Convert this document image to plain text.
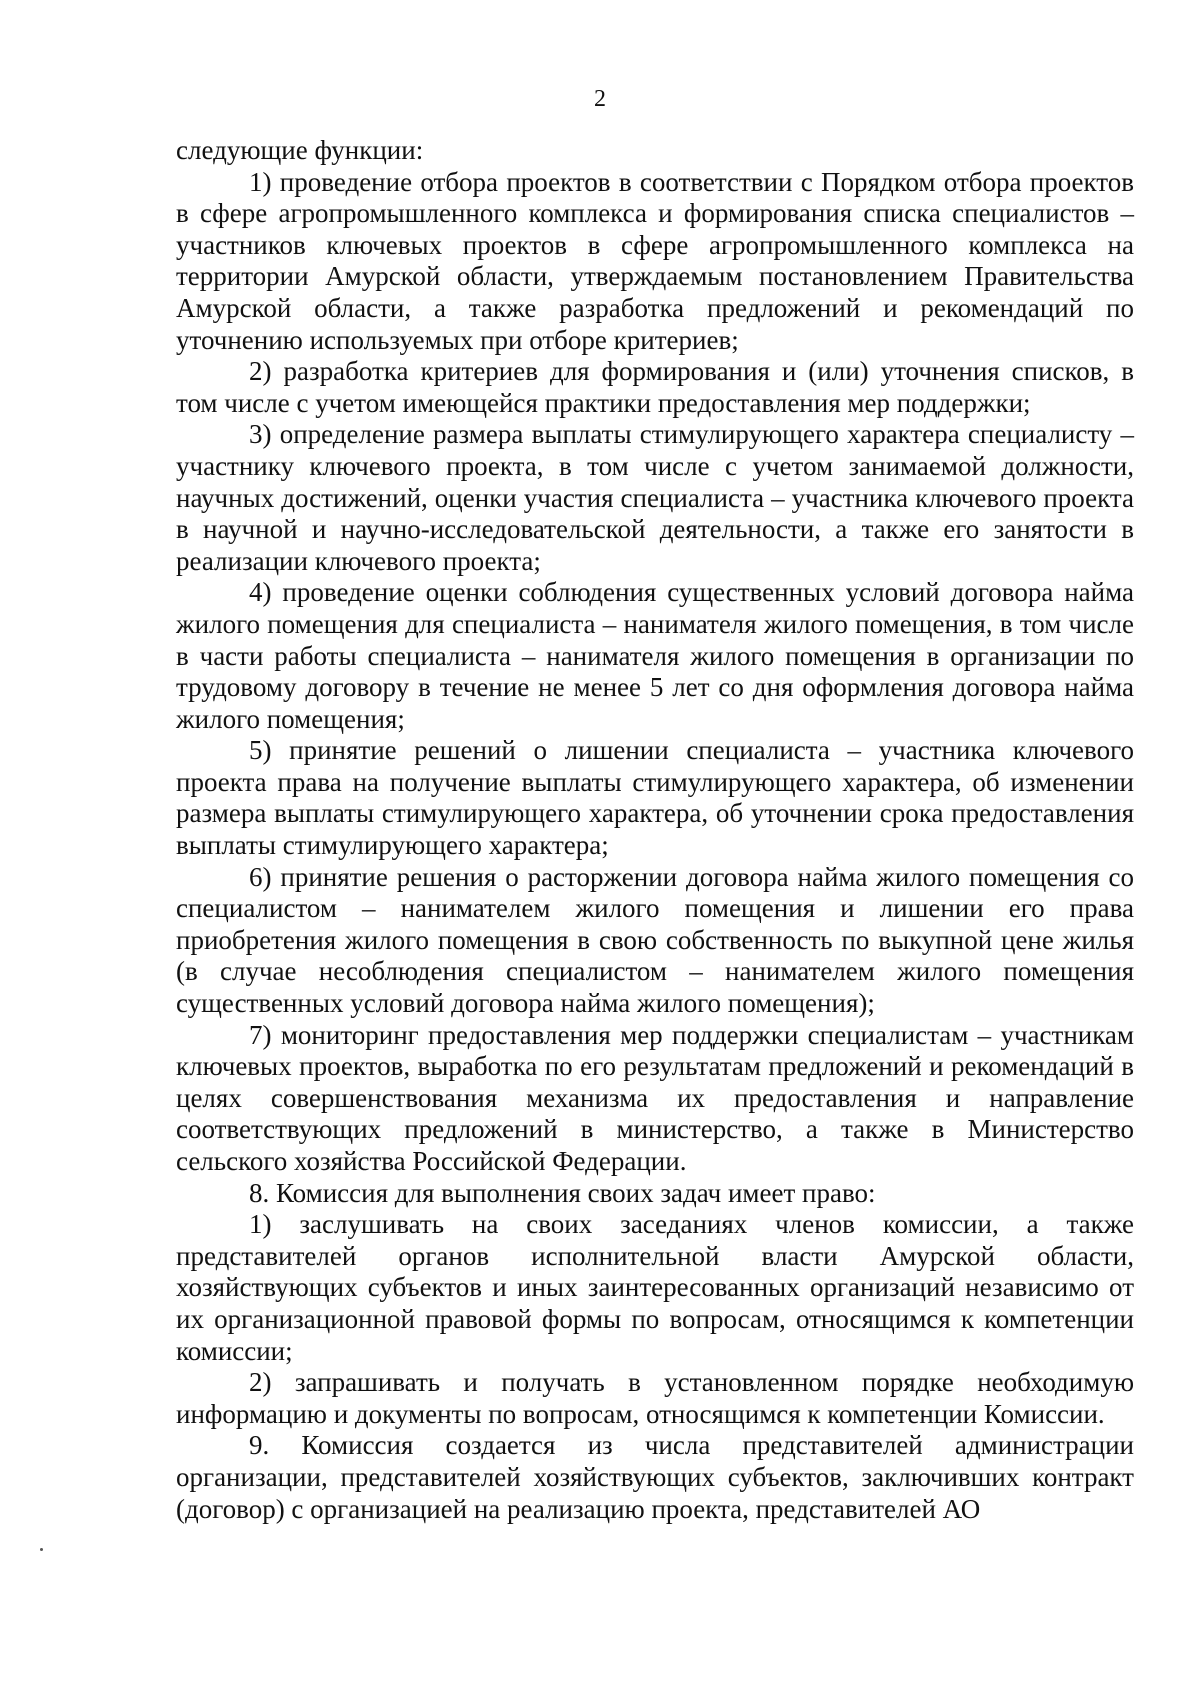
2

следующие функции:

1) проведение отбора проектов в соответствии с Порядком отбора проектов в сфере агропромышленного комплекса и формирования списка специалистов – участников ключевых проектов в сфере агропромышленного комплекса на территории Амурской области, утверждаемым постановлением Правительства Амурской области, а также разработка предложений и рекомендаций по уточнению используемых при отборе критериев;

2) разработка критериев для формирования и (или) уточнения списков, в том числе с учетом имеющейся практики предоставления мер поддержки;

3) определение размера выплаты стимулирующего характера специалисту – участнику ключевого проекта, в том числе с учетом занимаемой должности, научных достижений, оценки участия специалиста – участника ключевого проекта в научной и научно-исследовательской деятельности, а также его занятости в реализации ключевого проекта;

4) проведение оценки соблюдения существенных условий договора найма жилого помещения для специалиста – нанимателя жилого помещения, в том числе в части работы специалиста – нанимателя жилого помещения в организации по трудовому договору в течение не менее 5 лет со дня оформления договора найма жилого помещения;

5) принятие решений о лишении специалиста – участника ключевого проекта права на получение выплаты стимулирующего характера, об изменении размера выплаты стимулирующего характера, об уточнении срока предоставления выплаты стимулирующего характера;

6) принятие решения о расторжении договора найма жилого помещения со специалистом – нанимателем жилого помещения и лишении его права приобретения жилого помещения в свою собственность по выкупной цене жилья (в случае несоблюдения специалистом – нанимателем жилого помещения существенных условий договора найма жилого помещения);

7) мониторинг предоставления мер поддержки специалистам – участникам ключевых проектов, выработка по его результатам предложений и рекомендаций в целях совершенствования механизма их предоставления и направление соответствующих предложений в министерство, а также в Министерство сельского хозяйства Российской Федерации.

8. Комиссия для выполнения своих задач имеет право:

1) заслушивать на своих заседаниях членов комиссии, а также представителей органов исполнительной власти Амурской области, хозяйствующих субъектов и иных заинтересованных организаций независимо от их организационной правовой формы по вопросам, относящимся к компетенции комиссии;

2) запрашивать и получать в установленном порядке необходимую информацию и документы по вопросам, относящимся к компетенции Комиссии.

9. Комиссия создается из числа представителей администрации организации, представителей хозяйствующих субъектов, заключивших контракт (договор) с организацией на реализацию проекта, представителей АО
